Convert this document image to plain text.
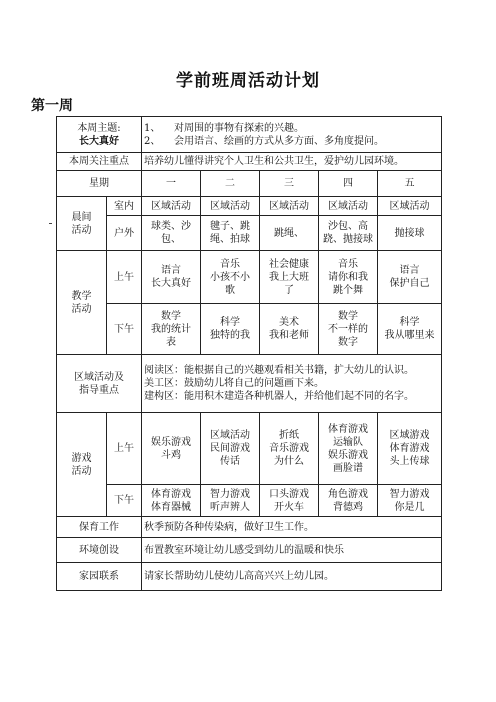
学前班周活动计划
第一周
本周主题:
长大真好		1、 对周围的事物有探索的兴趣。
2、 会用语言、绘画的方式从多方面、多角度提问。				

本周关注重点		培养幼儿懂得讲究个人卫生和公共卫生，爱护幼儿园环境。				
星期		一	二	三	四	五

晨间
活动	室内	区域活动	区域活动	区域活动	区域活动	区域活动
	户外	球类、沙
包、	毽子、跳
绳、拍球	跳绳、	沙包、高
跷、抛接球	抛接球

教学
活动	上午	语言
长大真好	音乐
小孩不小
歌	社会健康
我上大班
了	音乐
请你和我
跳个舞	语言
保护自己

	下午	数学
我的统计
表	科学
独特的我	美术
我和老师	数学
不一样的
数字	科学
我从哪里来

区域活动及
指导重点		阅读区：能根据自己的兴趣观看相关书籍，扩大幼儿的认识。
美工区：鼓励幼儿将自己的问题画下来。
建构区：能用积木建造各种机器人，并给他们起不同的名字。				

游戏
活动	上午	娱乐游戏
斗鸡	区域活动
民间游戏
传话	折纸
音乐游戏
为什么	体育游戏
运输队
娱乐游戏
画脸谱	区域游戏
体育游戏
头上传球

	下午	体育游戏
体育器械	智力游戏
听声辨人	口头游戏
开火车	角色游戏
背德鸡	智力游戏
你是几

保育工作		秋季预防各种传染病，做好卫生工作。				
环境创设		布置教室环境让幼儿感受到幼儿的温暖和快乐				
家园联系		请家长帮助幼儿使幼儿高高兴兴上幼儿园。				
